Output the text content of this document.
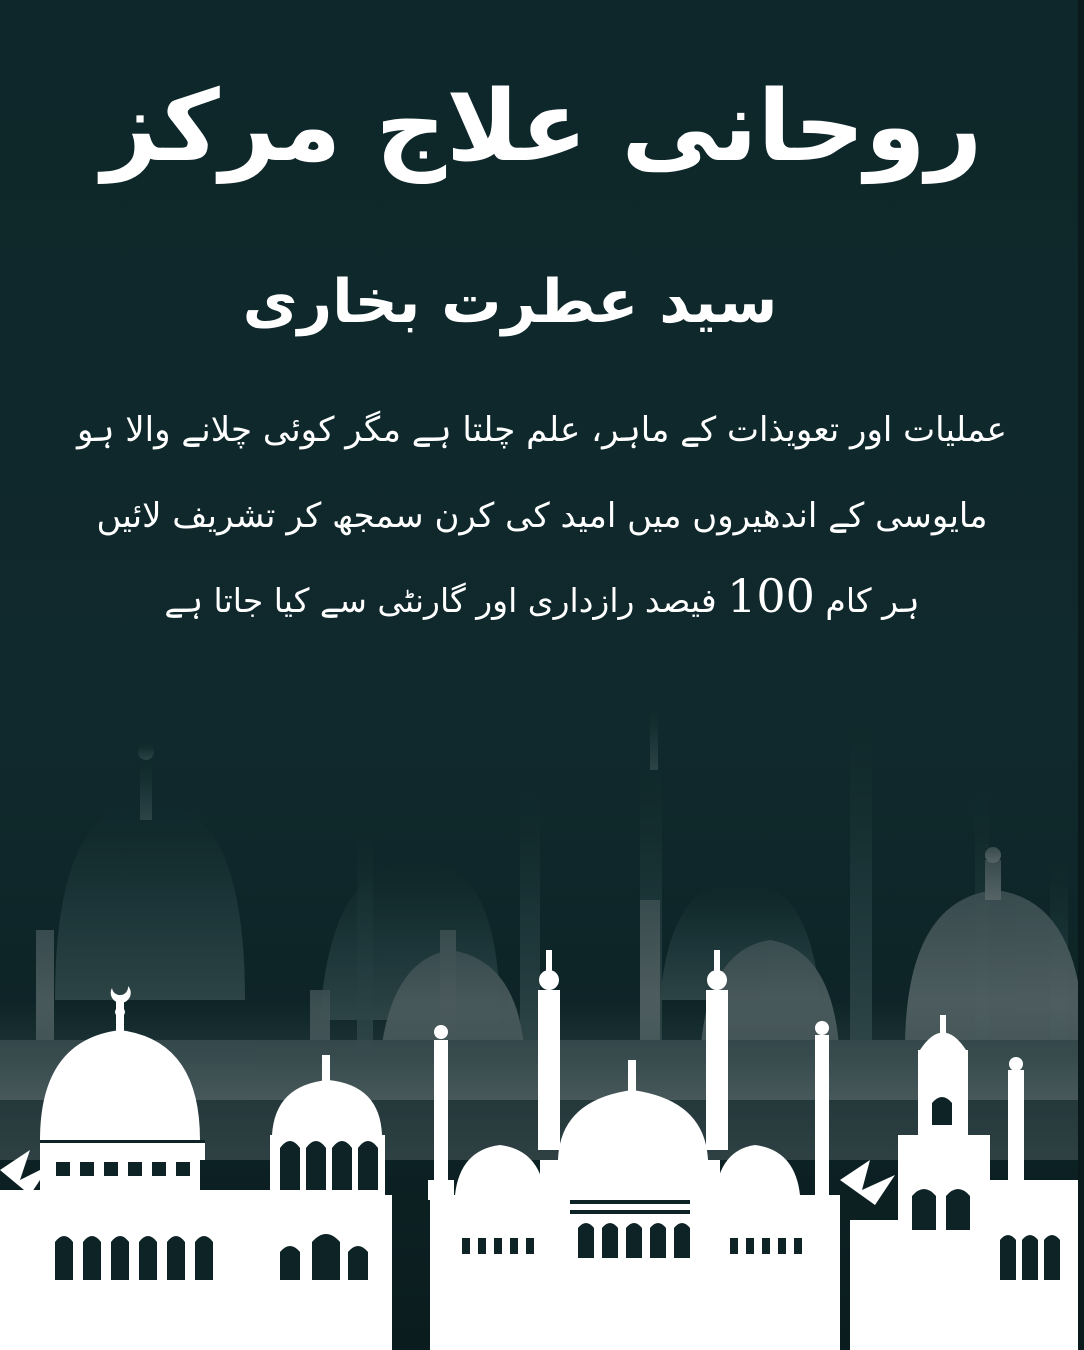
روحانی علاج مرکز
سید عطرت بخاری
عملیات اور تعویذات کے ماہر، علم چلتا ہے مگر کوئی چلانے والا ہو
مایوسی کے اندھیروں میں امید کی کرن سمجھ کر تشریف لائیں
ہر کام 100 فیصد رازداری اور گارنٹی سے کیا جاتا ہے
